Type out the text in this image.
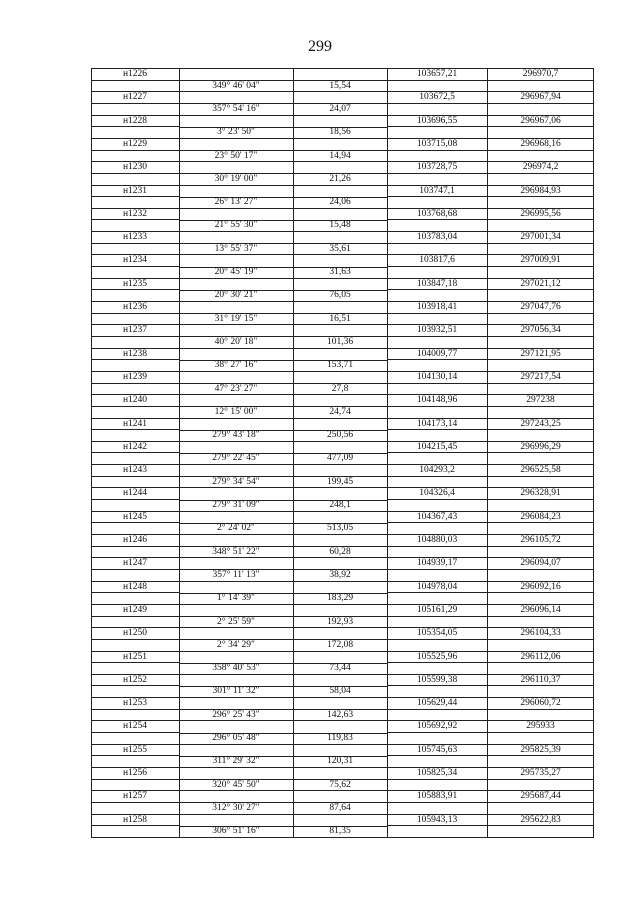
299
н1226	103657,21	296970,7
349° 46' 04"	15,54
н1227	103672,5	296967,94
357° 54' 16"	24,07
н1228	103696,55	296967,06
3° 23' 50"	18,56
н1229	103715,08	296968,16
23° 50' 17"	14,94
н1230	103728,75	296974,2
30° 19' 00"	21,26
н1231	103747,1	296984,93
26° 13' 27"	24,06
н1232	103768,68	296995,56
21° 55' 30"	15,48
н1233	103783,04	297001,34
13° 55' 37"	35,61
н1234	103817,6	297009,91
20° 45' 19"	31,63
н1235	103847,18	297021,12
20° 30' 21"	76,05
н1236	103918,41	297047,76
31° 19' 15"	16,51
н1237	103932,51	297056,34
40° 20' 18"	101,36
н1238	104009,77	297121,95
38° 27' 16"	153,71
н1239	104130,14	297217,54
47° 23' 27"	27,8
н1240	104148,96	297238
12° 15' 00"	24,74
н1241	104173,14	297243,25
279° 43' 18"	250,56
н1242	104215,45	296996,29
279° 22' 45"	477,09
н1243	104293,2	296525,58
279° 34' 54"	199,45
н1244	104326,4	296328,91
279° 31' 09"	248,1
н1245	104367,43	296084,23
2° 24' 02"	513,05
н1246	104880,03	296105,72
348° 51' 22"	60,28
н1247	104939,17	296094,07
357° 11' 13"	38,92
н1248	104978,04	296092,16
1° 14' 39"	183,29
н1249	105161,29	296096,14
2° 25' 59"	192,93
н1250	105354,05	296104,33
2° 34' 29"	172,08
н1251	105525,96	296112,06
358° 40' 53"	73,44
н1252	105599,38	296110,37
301° 11' 32"	58,04
н1253	105629,44	296060,72
296° 25' 43"	142,63
н1254	105692,92	295933
296° 05' 48"	119,83
н1255	105745,63	295825,39
311° 29' 32"	120,31
н1256	105825,34	295735,27
320° 45' 50"	75,62
н1257	105883,91	295687,44
312° 30' 27"	87,64
н1258	105943,13	295622,83
306° 51' 16"	81,35
